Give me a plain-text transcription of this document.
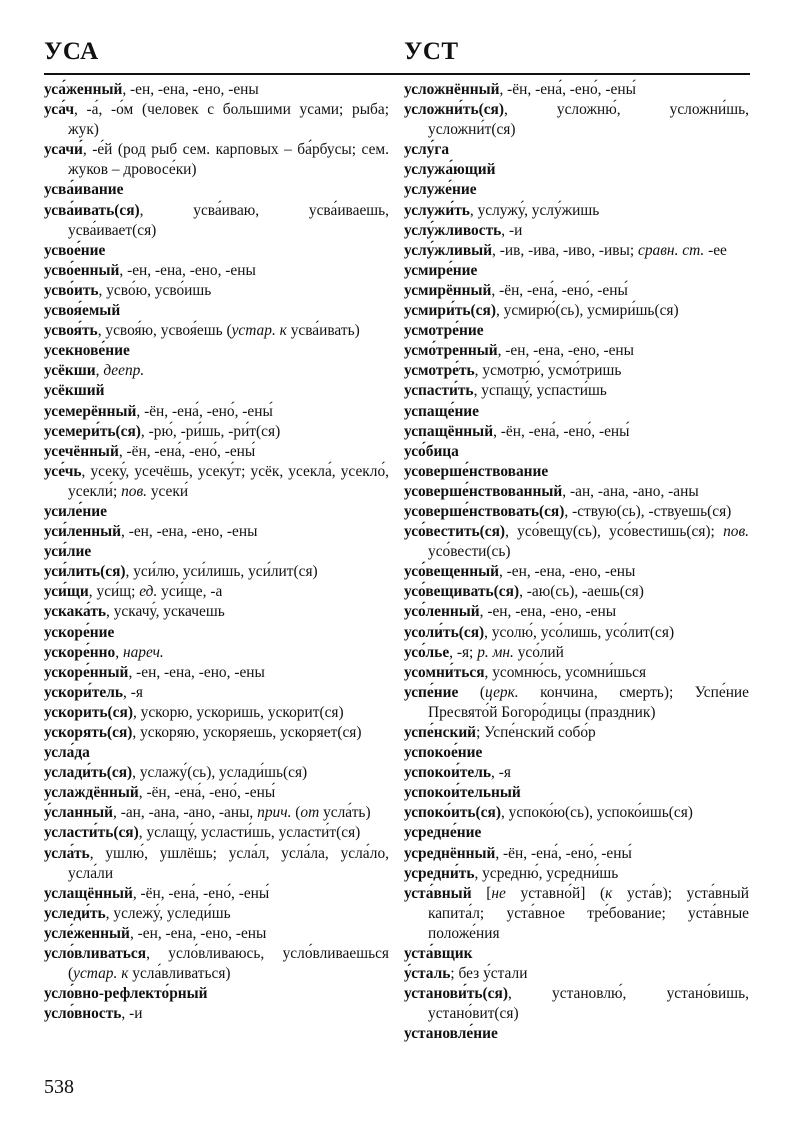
УСА	УСТ
уса́женный, -ен, -ена, -ено, -ены
уса́ч, -а́, -о́м (человек с большими усами; рыба; жук)
усачи́, -е́й (род рыб сем. карповых – ба́рбусы; сем. жуков – дровосе́ки)
усва́ивание
усва́ивать(ся), усва́иваю, усва́иваешь, усва́ивает(ся)
усвое́ние
усво́енный, -ен, -ена, -ено, -ены
усво́ить, усво́ю, усво́ишь
усвоя́емый
усвоя́ть, усвоя́ю, усвоя́ешь (устар. к усва́ивать)
усекнове́ние
усёкши, деепр.
усёкший
усемерённый, -ён, -ена́, -ено́, -ены́
усемери́ть(ся), -рю́, -ри́шь, -ри́т(ся)
усечённый, -ён, -ена́, -ено́, -ены́
усе́чь, усеку́, усечёшь, усеку́т; усёк, усекла́, усекло́, усекли́; пов. усеки́
усиле́ние
уси́ленный, -ен, -ена, -ено, -ены
уси́лие
уси́лить(ся), уси́лю, уси́лишь, уси́лит(ся)
уси́щи, уси́щ; ед. уси́ще, -а
ускака́ть, ускачу́, ускачешь
ускоре́ние
ускоре́нно, нареч.
ускоре́нный, -ен, -ена, -ено, -ены
ускори́тель, -я
ускорить(ся), ускорю, ускоришь, ускорит(ся)
ускорять(ся), ускоряю, ускоряешь, ускоряет(ся)
усла́да
услади́ть(ся), услажу́(сь), услади́шь(ся)
услаждённый, -ён, -ена́, -ено́, -ены́
у́сланный, -ан, -ана, -ано, -аны, прич. (от усла́ть)
усласти́ть(ся), услащу́, усласти́шь, усласти́т(ся)
усла́ть, ушлю́, ушлёшь; усла́л, усла́ла, усла́ло, усла́ли
услащённый, -ён, -ена́, -ено́, -ены́
уследи́ть, услежу́, уследи́шь
усле́женный, -ен, -ена, -ено, -ены
усло́вливаться, усло́вливаюсь, усло́вливаешься (устар. к усла́вливаться)
усло́вно-рефлекто́рный
усло́вность, -и
усложнённый, -ён, -ена́, -ено́, -ены́
усложни́ть(ся), усложню́, усложни́шь, усложни́т(ся)
услу́га
услужа́ющий
услуже́ние
услужи́ть, услужу́, услу́жишь
услу́жливость, -и
услу́жливый, -ив, -ива, -иво, -ивы; сравн. ст. -ее
усмире́ние
усмирённый, -ён, -ена́, -ено́, -ены́
усмири́ть(ся), усмирю́(сь), усмири́шь(ся)
усмотре́ние
усмо́тренный, -ен, -ена, -ено, -ены
усмотре́ть, усмотрю́, усмо́тришь
успасти́ть, успащу́, успасти́шь
успаще́ние
успащённый, -ён, -ена́, -ено́, -ены́
усо́бица
усоверше́нствование
усоверше́нствованный, -ан, -ана, -ано, -аны
усоверше́нствовать(ся), -ствую(сь), -ствуешь(ся)
усо́вестить(ся), усо́вещу(сь), усо́вестишь(ся); пов. усо́вести(сь)
усо́вещенный, -ен, -ена, -ено, -ены
усо́вещивать(ся), -аю(сь), -аешь(ся)
усо́ленный, -ен, -ена, -ено, -ены
усоли́ть(ся), усолю́, усо́лишь, усо́лит(ся)
усо́лье, -я; р. мн. усо́лий
усомни́ться, усомню́сь, усомни́шься
успе́ние (церк. кончина, смерть); Успе́ние Пресвято́й Богоро́дицы (праздник)
успе́нский; Успе́нский собо́р
успокое́ние
успокои́тель, -я
успокои́тельный
успоко́ить(ся), успоко́ю(сь), успоко́ишь(ся)
усредне́ние
усреднённый, -ён, -ена́, -ено́, -ены́
усредни́ть, усредню́, усредни́шь
уста́вный [не уставно́й] (к уста́в); уста́вный капита́л; уста́вное тре́бование; уста́вные положе́ния
уста́вщик
у́сталь; без у́стали
установи́ть(ся), установлю́, устано́вишь, устано́вит(ся)
установле́ние
538
